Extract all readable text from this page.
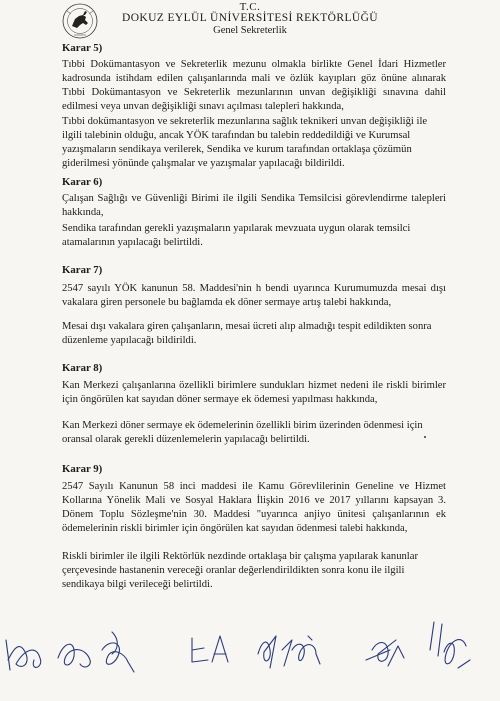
T.C.
DOKUZ EYLÜL ÜNİVERSİTESİ REKTÖRLÜĞÜ
Genel Sekreterlik
Karar 5)

Tıbbi Dokümantasyon ve Sekreterlik mezunu olmakla birlikte Genel İdari Hizmetler kadrosunda istihdam edilen çalışanlarında mali ve özlük kayıpları göz önüne alınarak Tıbbi Dokümantasyon ve Sekreterlik mezunlarının unvan değişikliği sınavına dahil edilmesi veya unvan değişikliği sınavı açılması talepleri hakkında,

Tıbbi dokümantasyon ve sekreterlik mezunlarına sağlık teknikeri unvan değişikliği ile ilgili talebinin olduğu, ancak YÖK tarafından bu talebin reddedildiği ve Kurumsal yazışmaların sendikaya verilerek, Sendika ve kurum tarafından ortaklaşa çözümün giderilmesi yönünde çalışmalar ve yazışmalar yapılacağı bildirildi.

Karar 6)

Çalışan Sağlığı ve Güvenliği Birimi ile ilgili Sendika Temsilcisi görevlendirme talepleri hakkında,

Sendika tarafından gerekli yazışmaların yapılarak mevzuata uygun olarak temsilci atamalarının yapılacağı belirtildi.

Karar 7)

2547 sayılı YÖK kanunun 58. Maddesi'nin h bendi uyarınca Kurumumuzda mesai dışı vakalara giren personele bu bağlamda ek döner sermaye artış talebi hakkında,

Mesai dışı vakalara giren çalışanların, mesai ücreti alıp almadığı tespit edildikten sonra düzenleme yapılacağı bildirildi.

Karar 8)

Kan Merkezi çalışanlarına özellikli birimlere sundukları hizmet nedeni ile riskli birimler için öngörülen kat sayıdan döner sermaye ek ödemesi yapılması hakkında,

Kan Merkezi döner sermaye ek ödemelerinin özellikli birim üzerinden ödenmesi için oransal olarak gerekli düzenlemelerin yapılacağı belirtildi.

Karar 9)

2547 Sayılı Kanunun 58 inci maddesi ile Kamu Görevlilerinin Geneline ve Hizmet Kollarına Yönelik Mali ve Sosyal Haklara İlişkin 2016 ve 2017 yıllarını kapsayan 3. Dönem Toplu Sözleşme'nin 30. Maddesi "uyarınca anjiyo ünitesi çalışanlarının ek ödemelerinin riskli birimler için öngörülen kat sayıdan ödenmesi talebi hakkında,

Riskli birimler ile ilgili Rektörlük nezdinde ortaklaşa bir çalışma yapılarak kanunlar çerçevesinde hastanenin vereceği oranlar değerlendirildikten sonra konu ile ilgili sendikaya bilgi verileceği belirtildi.
